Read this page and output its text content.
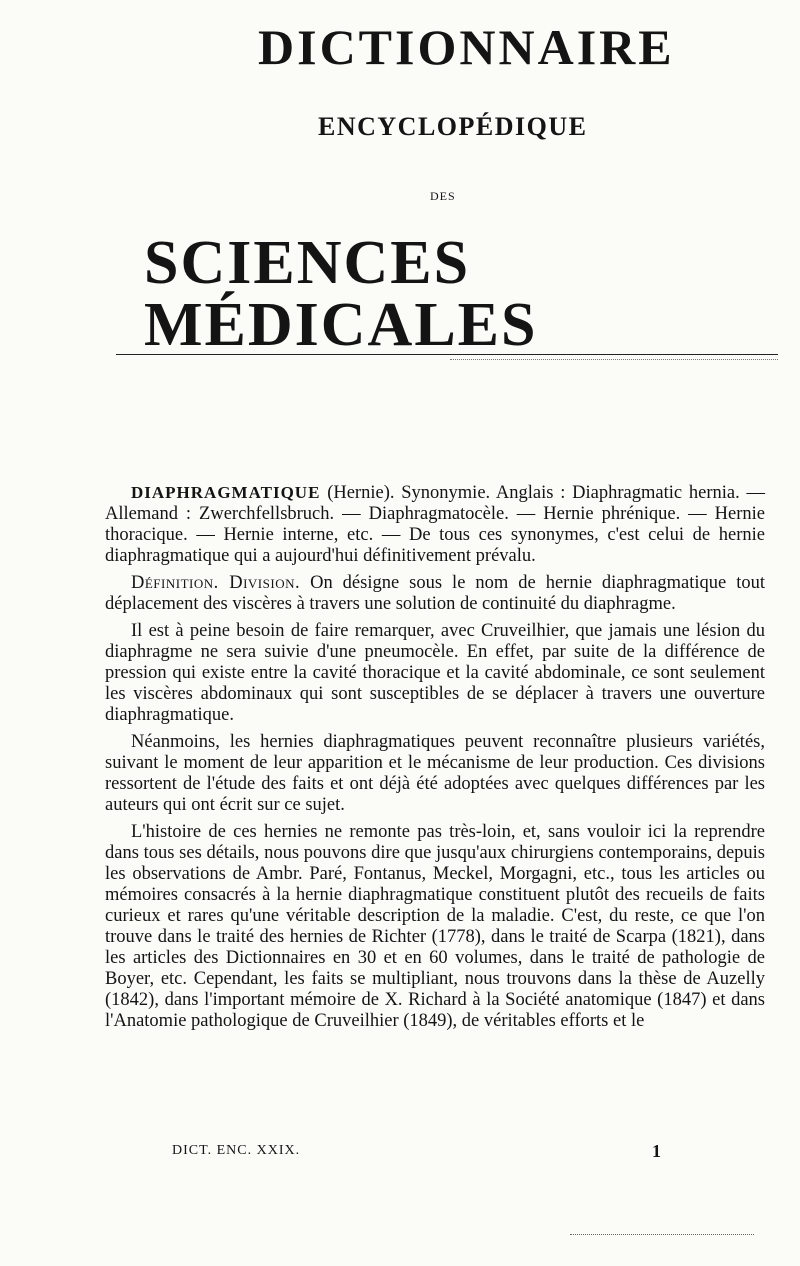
DICTIONNAIRE
ENCYCLOPÉDIQUE
DES
SCIENCES MÉDICALES

DIAPHRAGMATIQUE (Hernie). Synonymie. Anglais : Diaphragmatic hernia. — Allemand : Zwerchfellsbruch. — Diaphragmatocèle. — Hernie phrénique. — Hernie thoracique. — Hernie interne, etc. — De tous ces synonymes, c'est celui de hernie diaphragmatique qui a aujourd'hui définitivement prévalu.

Définition. Division. On désigne sous le nom de hernie diaphragmatique tout déplacement des viscères à travers une solution de continuité du diaphragme.

Il est à peine besoin de faire remarquer, avec Cruveilhier, que jamais une lésion du diaphragme ne sera suivie d'une pneumocèle. En effet, par suite de la différence de pression qui existe entre la cavité thoracique et la cavité abdominale, ce sont seulement les viscères abdominaux qui sont susceptibles de se déplacer à travers une ouverture diaphragmatique.

Néanmoins, les hernies diaphragmatiques peuvent reconnaître plusieurs variétés, suivant le moment de leur apparition et le mécanisme de leur production. Ces divisions ressortent de l'étude des faits et ont déjà été adoptées avec quelques différences par les auteurs qui ont écrit sur ce sujet.

L'histoire de ces hernies ne remonte pas très-loin, et, sans vouloir ici la reprendre dans tous ses détails, nous pouvons dire que jusqu'aux chirurgiens contemporains, depuis les observations de Ambr. Paré, Fontanus, Meckel, Morgagni, etc., tous les articles ou mémoires consacrés à la hernie diaphragmatique constituent plutôt des recueils de faits curieux et rares qu'une véritable description de la maladie. C'est, du reste, ce que l'on trouve dans le traité des hernies de Richter (1778), dans le traité de Scarpa (1821), dans les articles des Dictionnaires en 30 et en 60 volumes, dans le traité de pathologie de Boyer, etc. Cependant, les faits se multipliant, nous trouvons dans la thèse de Auzelly (1842), dans l'important mémoire de X. Richard à la Société anatomique (1847) et dans l'Anatomie pathologique de Cruveilhier (1849), de véritables efforts et le

DICT. ENC. XXIX.	1
